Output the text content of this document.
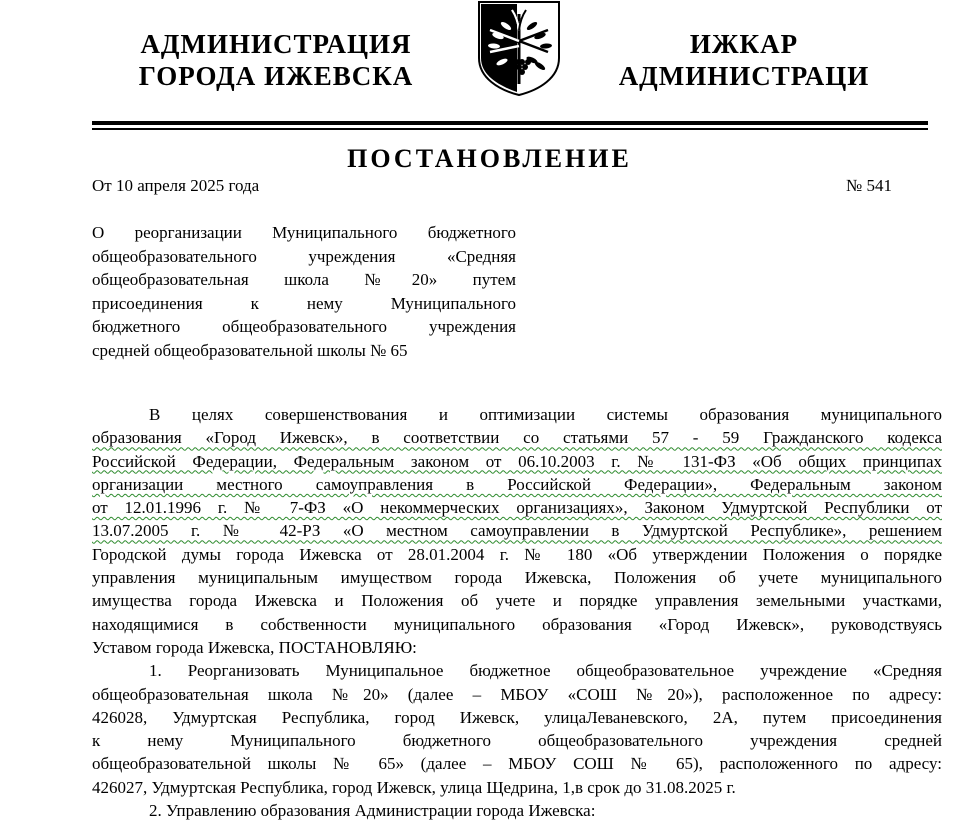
АДМИНИСТРАЦИЯ
ГОРОДА ИЖЕВСКА
ИЖКАР
АДМИНИСТРАЦИ
ПОСТАНОВЛЕНИЕ
От 10 апреля 2025 года	№ 541
О реорганизации Муниципального бюджетного
общеобразовательного учреждения «Средняя
общеобразовательная школа №20» путем
присоединения к нему Муниципального
бюджетного общеобразовательного учреждения
средней общеобразовательной школы № 65
В целях совершенствования и оптимизации системы образования муниципального
образования «Город Ижевск», в соответствии со статьями 57 - 59 Гражданского кодекса
Российской Федерации, Федеральным законом от 06.10.2003 г. № 131-ФЗ «Об общих принципах
организации местного самоуправления в Российской Федерации», Федеральным законом
от 12.01.1996 г. № 7-ФЗ «О некоммерческих организациях», Законом Удмуртской Республики от
13.07.2005 г. № 42-РЗ «О местном самоуправлении в Удмуртской Республике», решением
Городской думы города Ижевска от 28.01.2004 г. № 180 «Об утверждении Положения о порядке
управления муниципальным имуществом города Ижевска, Положения об учете муниципального
имущества города Ижевска и Положения об учете и порядке управления земельными участками,
находящимися в собственности муниципального образования «Город Ижевск», руководствуясь
Уставом города Ижевска, ПОСТАНОВЛЯЮ:
1. Реорганизовать Муниципальное бюджетное общеобразовательное учреждение «Средняя
общеобразовательная школа №20» (далее – МБОУ «СОШ №20»), расположенное по адресу:
426028, Удмуртская Республика, город Ижевск, улицаЛеваневского, 2А, путем присоединения
к нему Муниципального бюджетного общеобразовательного учреждения средней
общеобразовательной школы № 65» (далее – МБОУ СОШ № 65), расположенного по адресу:
426027, Удмуртская Республика, город Ижевск, улица Щедрина, 1,в срок до 31.08.2025 г.
2. Управлению образования Администрации города Ижевска:
